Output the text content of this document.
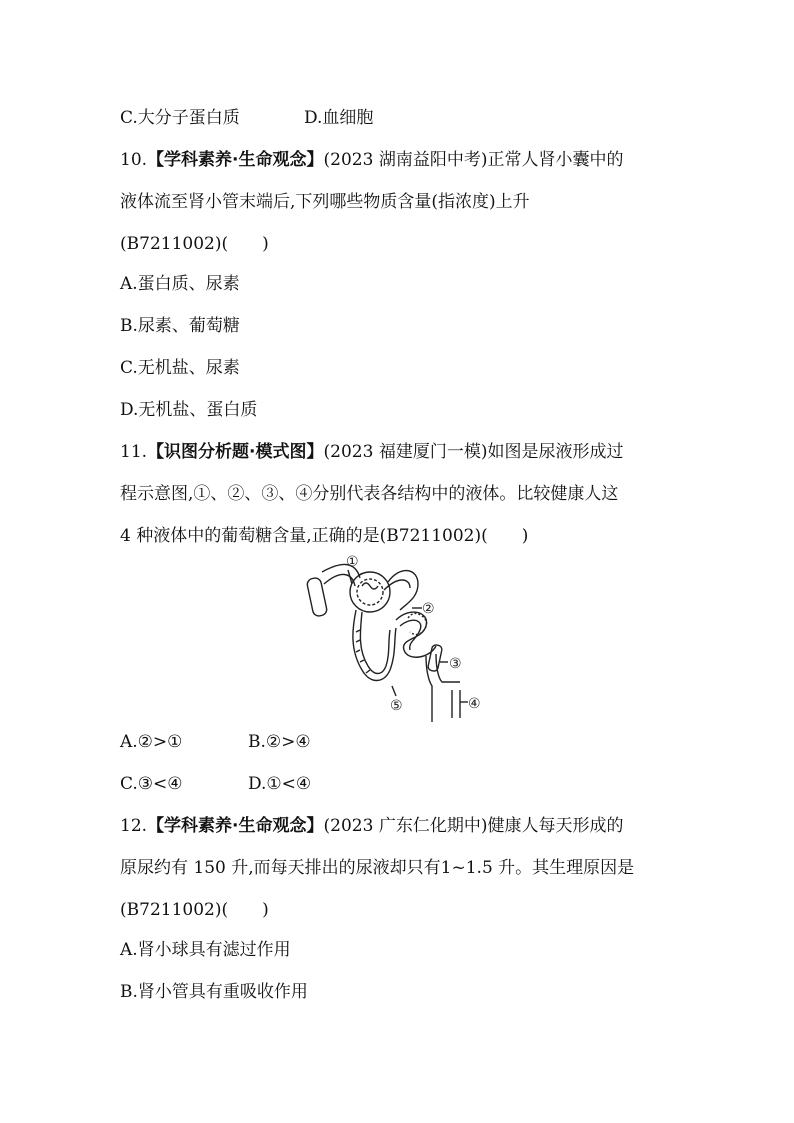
C.大分子蛋白质	D.血细胞
10.【学科素养·生命观念】(2023 湖南益阳中考)正常人肾小囊中的
液体流至肾小管末端后,下列哪些物质含量(指浓度)上升
(B7211002)(　　)
A.蛋白质、尿素
B.尿素、葡萄糖
C.无机盐、尿素
D.无机盐、蛋白质
11.【识图分析题·模式图】(2023 福建厦门一模)如图是尿液形成过
程示意图,①、②、③、④分别代表各结构中的液体。比较健康人这
4 种液体中的葡萄糖含量,正确的是(B7211002)(　　)
①
②
③
④
⑤
A.②>①	B.②>④
C.③<④	D.①<④
12.【学科素养·生命观念】(2023 广东仁化期中)健康人每天形成的
原尿约有 150 升,而每天排出的尿液却只有1~1.5 升。其生理原因是
(B7211002)(　　)
A.肾小球具有滤过作用
B.肾小管具有重吸收作用
